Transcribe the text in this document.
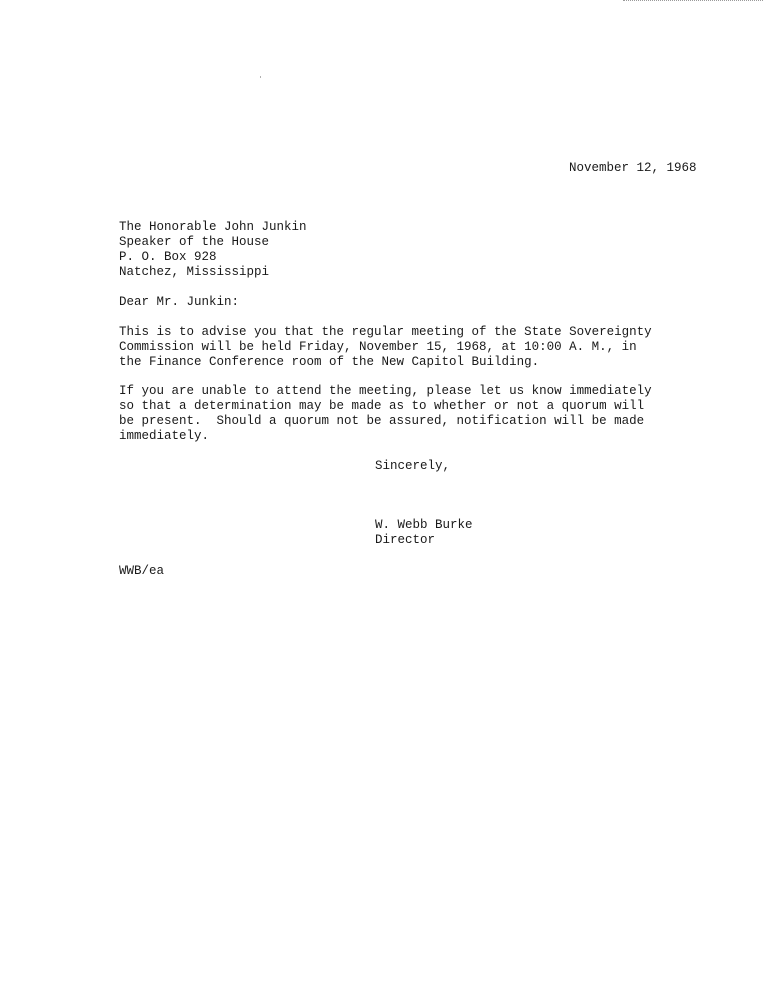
November 12, 1968
The Honorable John Junkin
Speaker of the House
P. O. Box 928
Natchez, Mississippi
Dear Mr. Junkin:
This is to advise you that the regular meeting of the State Sovereignty
Commission will be held Friday, November 15, 1968, at 10:00 A. M., in
the Finance Conference room of the New Capitol Building.
If you are unable to attend the meeting, please let us know immediately
so that a determination may be made as to whether or not a quorum will
be present.  Should a quorum not be assured, notification will be made
immediately.
Sincerely,
W. Webb Burke
Director
WWB/ea
